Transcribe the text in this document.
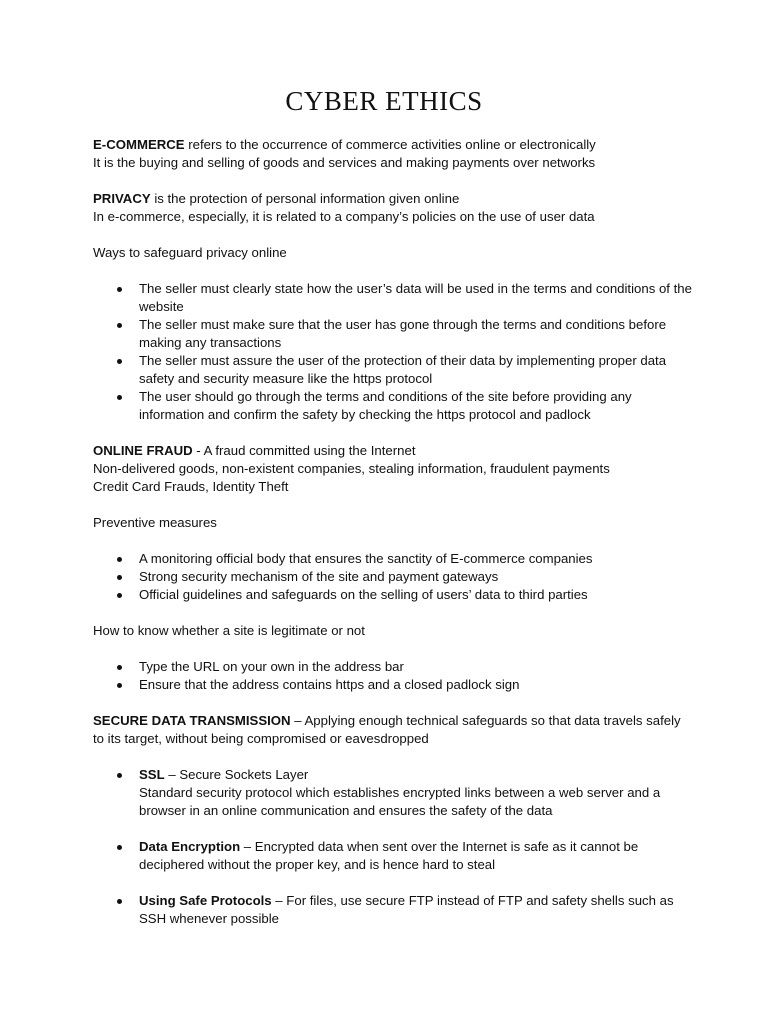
CYBER ETHICS

E-COMMERCE refers to the occurrence of commerce activities online or electronically

It is the buying and selling of goods and services and making payments over networks

PRIVACY is the protection of personal information given online

In e-commerce, especially, it is related to a company’s policies on the use of user data

Ways to safeguard privacy online

The seller must clearly state how the user’s data will be used in the terms and conditions of the website
The seller must make sure that the user has gone through the terms and conditions before making any transactions
The seller must assure the user of the protection of their data by implementing proper data safety and security measure like the https protocol
The user should go through the terms and conditions of the site before providing any information and confirm the safety by checking the https protocol and padlock

ONLINE FRAUD - A fraud committed using the Internet

Non-delivered goods, non-existent companies, stealing information, fraudulent payments

Credit Card Frauds, Identity Theft

Preventive measures

A monitoring official body that ensures the sanctity of E-commerce companies
Strong security mechanism of the site and payment gateways
Official guidelines and safeguards on the selling of users’ data to third parties

How to know whether a site is legitimate or not

Type the URL on your own in the address bar
Ensure that the address contains https and a closed padlock sign

SECURE DATA TRANSMISSION – Applying enough technical safeguards so that data travels safely to its target, without being compromised or eavesdropped

SSL – Secure Sockets Layer
Standard security protocol which establishes encrypted links between a web server and a browser in an online communication and ensures the safety of the data
Data Encryption – Encrypted data when sent over the Internet is safe as it cannot be deciphered without the proper key, and is hence hard to steal
Using Safe Protocols – For files, use secure FTP instead of FTP and safety shells such as SSH whenever possible
